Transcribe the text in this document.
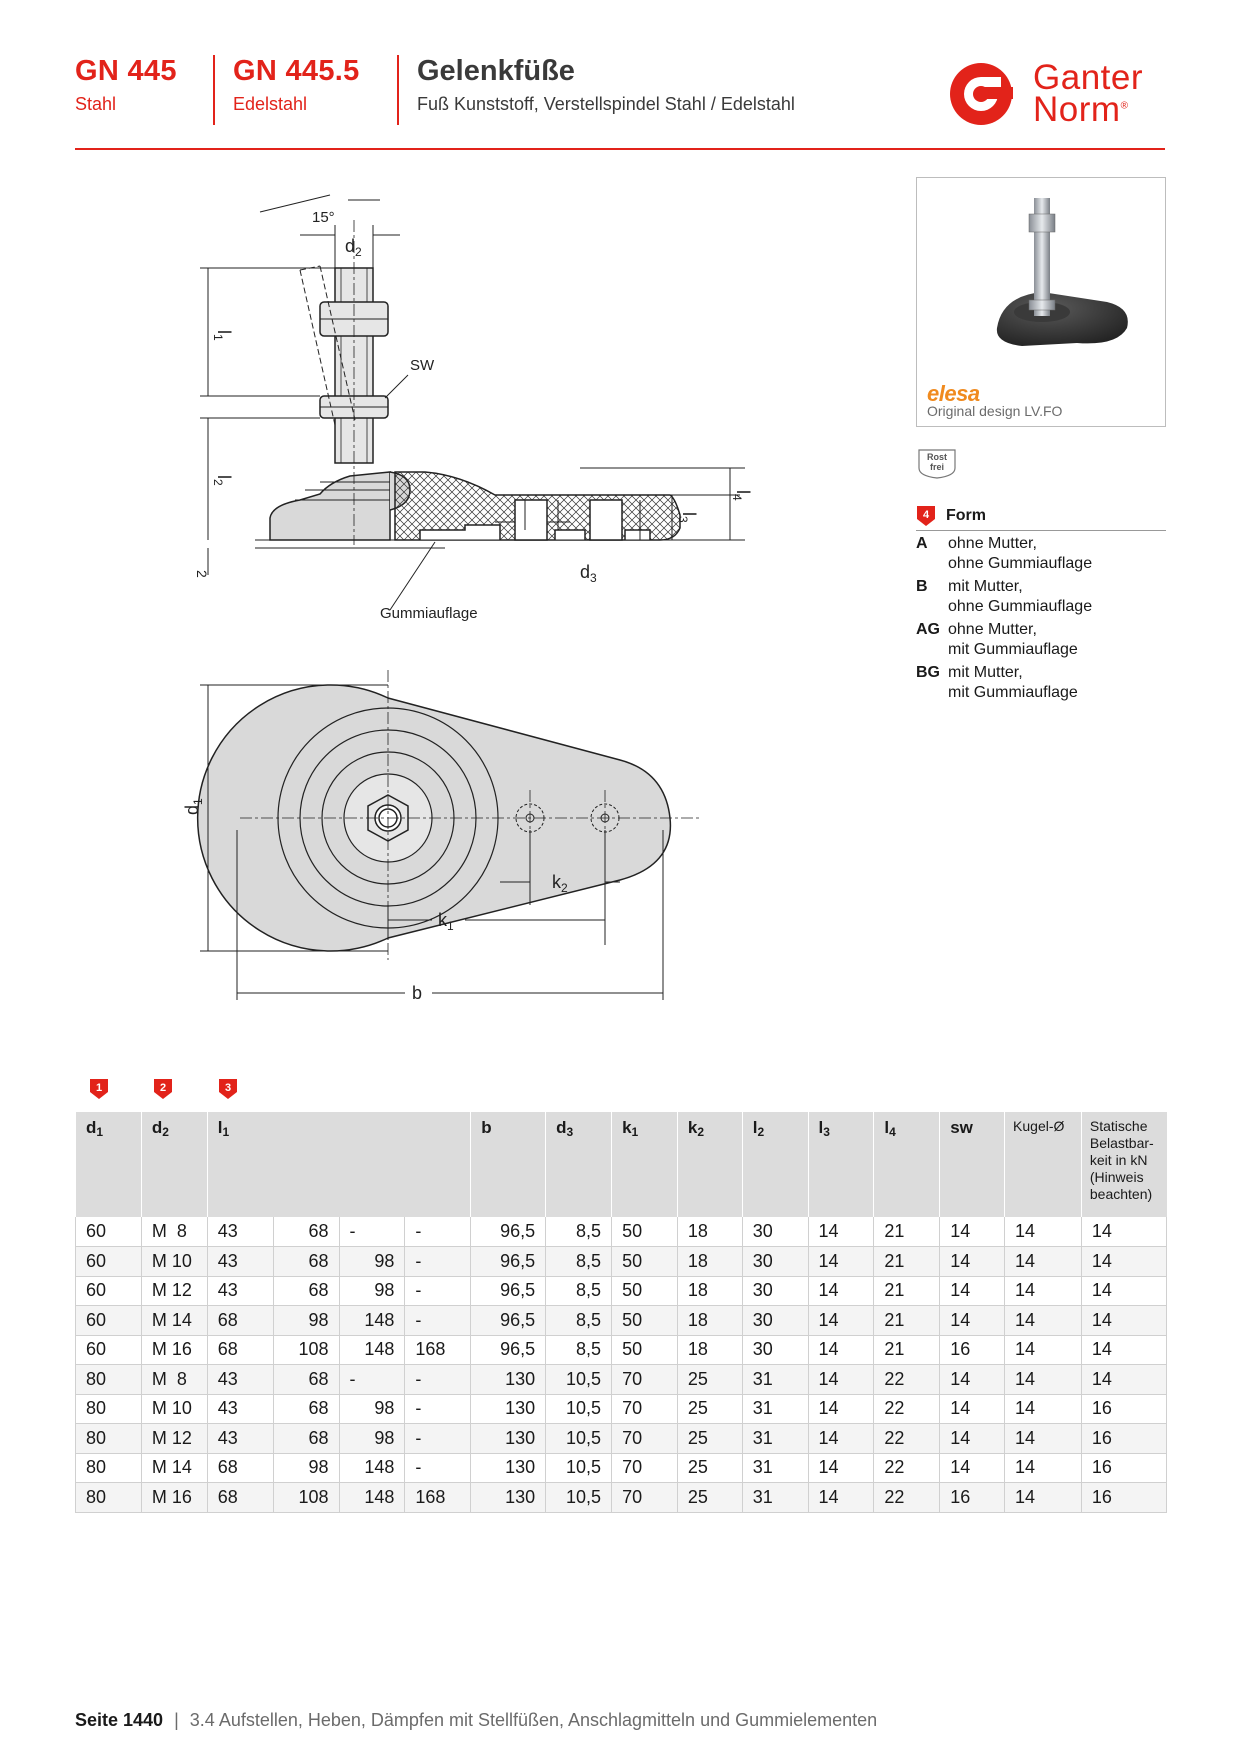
GN 445
Stahl
GN 445.5
Edelstahl
Gelenkfüße
Fuß Kunststoff, Verstellspindel Stahl / Edelstahl
Ganter
Norm®
15°
$d_2$
$l_1$
SW
$l_2$
2
$l_3$
$l_4$
$d_3$
Gummiauflage
$d_1$
$k_2$
$k_1$
b
elesa
Original design LV.FO
Rost
frei
4 Form
A	ohne Mutter,
ohne Gummiauflage
B	mit Mutter,
ohne Gummiauflage
AG ohne Mutter,
mit Gummiauflage
BG mit Mutter,
mit Gummiauflage
1	2	3
$d_1$	$d_2$	$l_1$				b	$d_3$	$k_1$	$k_2$	$l_2$	$l_3$	$l_4$	sw	Kugel-Ø	Statische
Belastbar-
keit in kN
(Hinweis
beachten)
60	M  8	43	68	-	-	96,5	8,5	50	18	30	14	21	14	14	14
60	M 10	43	68	98	-	96,5	8,5	50	18	30	14	21	14	14	14
60	M 12	43	68	98	-	96,5	8,5	50	18	30	14	21	14	14	14
60	M 14	68	98	148	-	96,5	8,5	50	18	30	14	21	14	14	14
60	M 16	68	108	148	168	96,5	8,5	50	18	30	14	21	16	14	14
80	M  8	43	68	-	-	130	10,5	70	25	31	14	22	14	14	14
80	M 10	43	68	98	-	130	10,5	70	25	31	14	22	14	14	16
80	M 12	43	68	98	-	130	10,5	70	25	31	14	22	14	14	16
80	M 14	68	98	148	-	130	10,5	70	25	31	14	22	14	14	16
80	M 16	68	108	148	168	130	10,5	70	25	31	14	22	16	14	16
Seite 1440 | 3.4 Aufstellen, Heben, Dämpfen mit Stellfüßen, Anschlagmitteln und Gummielementen
